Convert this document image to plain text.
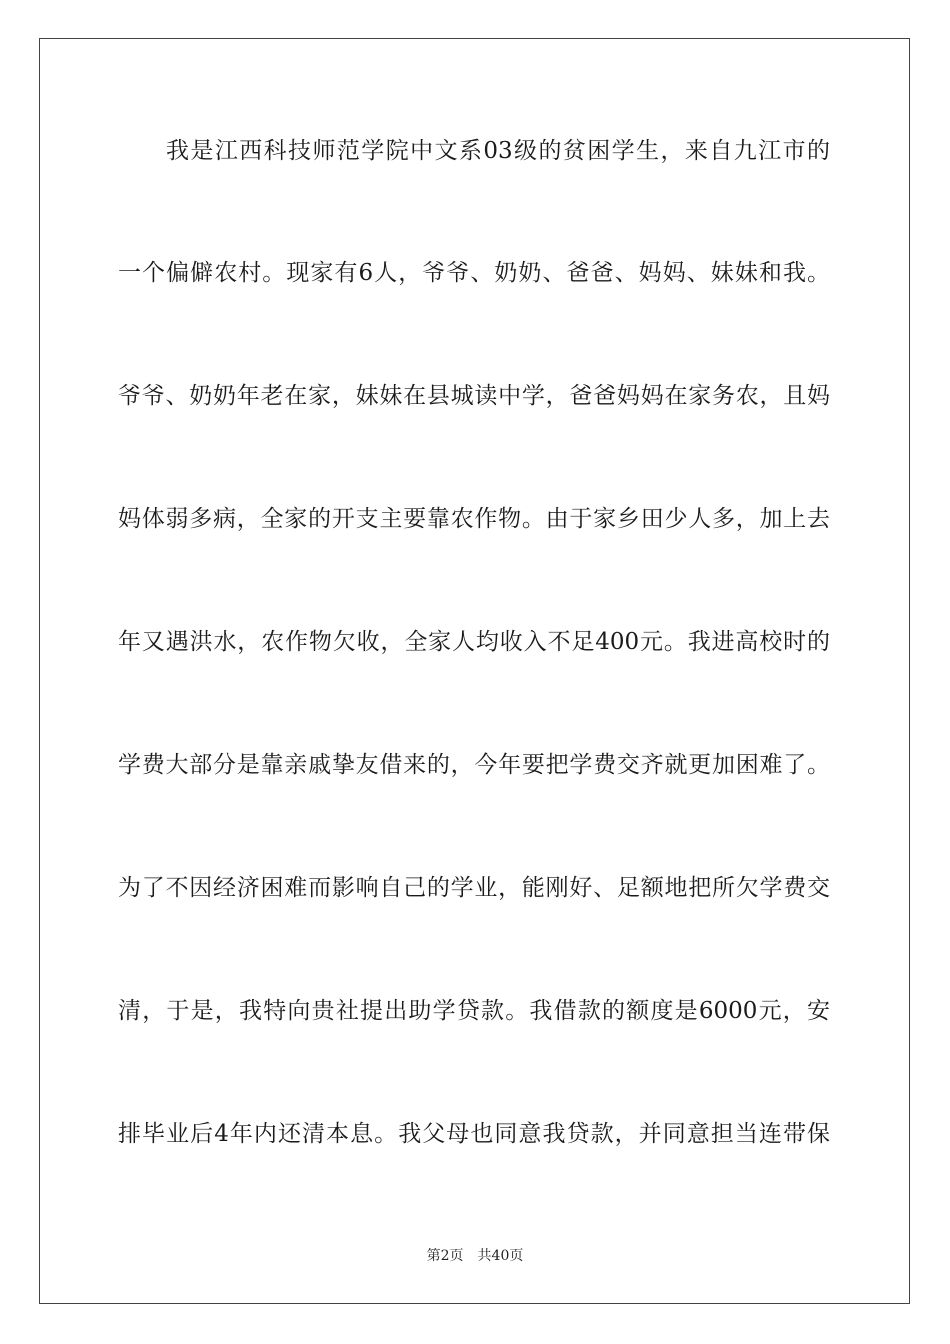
我是江西科技师范学院中文系03级的贫困学生，来自九江市的
一个偏僻农村。现家有6人，爷爷、奶奶、爸爸、妈妈、妹妹和我。
爷爷、奶奶年老在家，妹妹在县城读中学，爸爸妈妈在家务农，且妈
妈体弱多病，全家的开支主要靠农作物。由于家乡田少人多，加上去
年又遇洪水，农作物欠收，全家人均收入不足400元。我进高校时的
学费大部分是靠亲戚挚友借来的，今年要把学费交齐就更加困难了。
为了不因经济困难而影响自己的学业，能刚好、足额地把所欠学费交
清，于是，我特向贵社提出助学贷款。我借款的额度是6000元，安
排毕业后4年内还清本息。我父母也同意我贷款，并同意担当连带保
第2页 共40页
